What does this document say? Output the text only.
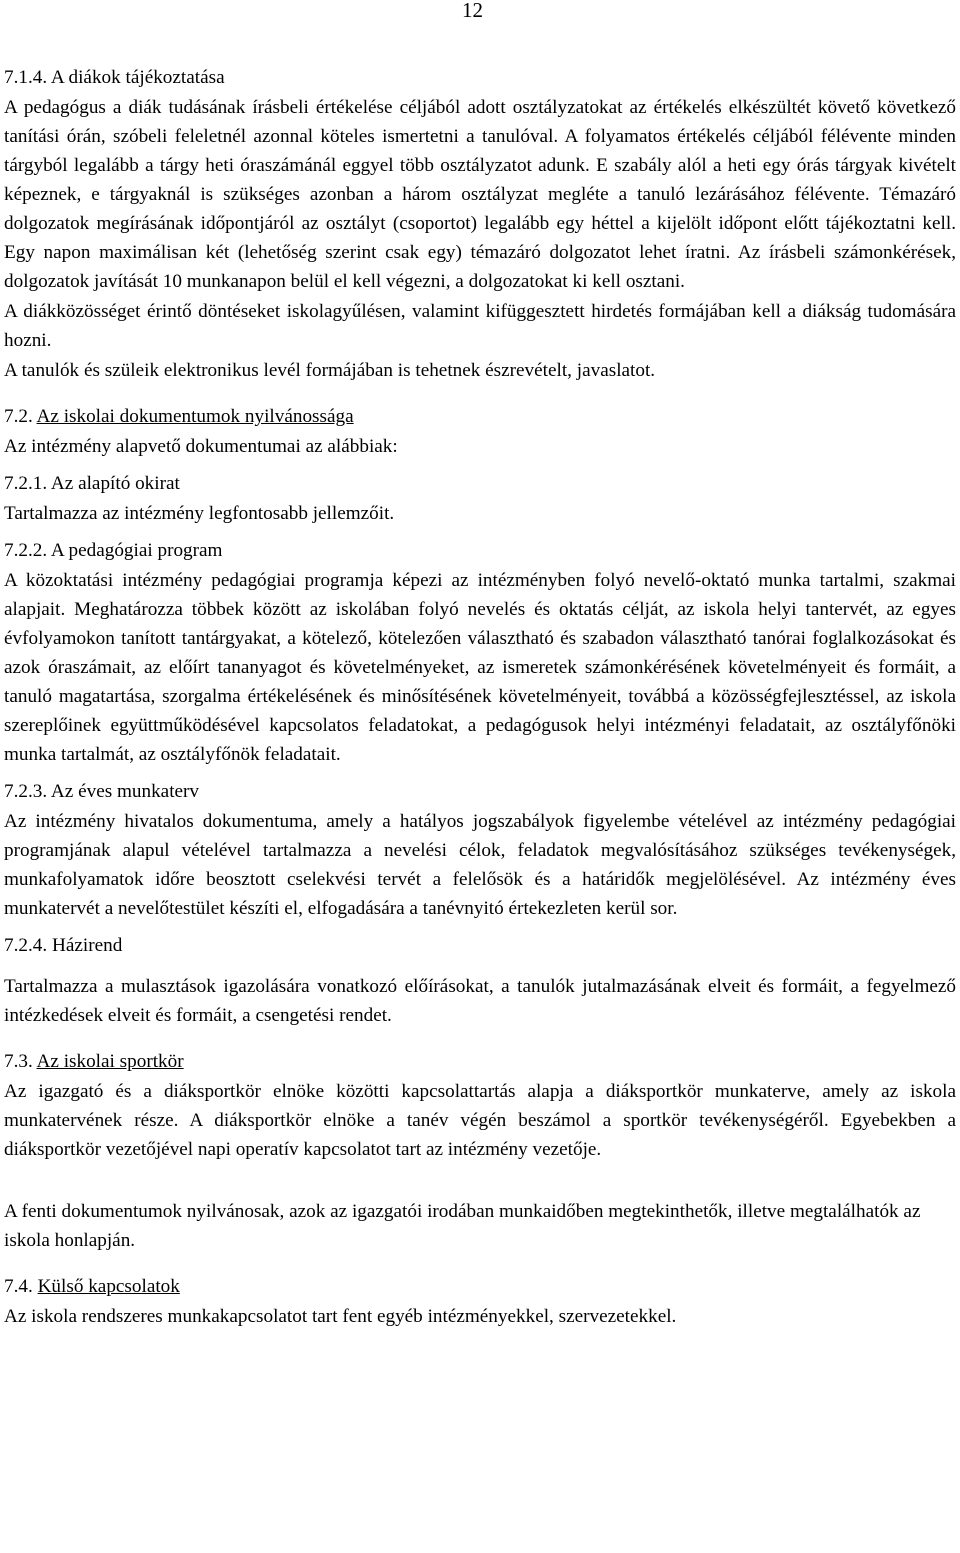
12

7.1.4. A diákok tájékoztatása

A pedagógus a diák tudásának írásbeli értékelése céljából adott osztályzatokat az értékelés elkészültét követő következő tanítási órán, szóbeli feleletnél azonnal köteles ismertetni a tanulóval. A folyamatos értékelés céljából félévente minden tárgyból legalább a tárgy heti óraszámánál eggyel több osztályzatot adunk. E szabály alól a heti egy órás tárgyak kivételt képeznek, e tárgyaknál is szükséges azonban a három osztályzat megléte a tanuló lezárásához félévente. Témazáró dolgozatok megírásának időpontjáról az osztályt (csoportot) legalább egy héttel a kijelölt időpont előtt tájékoztatni kell. Egy napon maximálisan két (lehetőség szerint csak egy) témazáró dolgozatot lehet íratni. Az írásbeli számonkérések, dolgozatok javítását 10 munkanapon belül el kell végezni, a dolgozatokat ki kell osztani.

A diákközösséget érintő döntéseket iskolagyűlésen, valamint kifüggesztett hirdetés formájában kell a diákság tudomására hozni.

A tanulók és szüleik elektronikus levél formájában is tehetnek észrevételt, javaslatot.

7.2. Az iskolai dokumentumok nyilvánossága

Az intézmény alapvető dokumentumai az alábbiak:

7.2.1. Az alapító okirat

Tartalmazza az intézmény legfontosabb jellemzőit.

7.2.2. A pedagógiai program

A közoktatási intézmény pedagógiai programja képezi az intézményben folyó nevelő-oktató munka tartalmi, szakmai alapjait. Meghatározza többek között az iskolában folyó nevelés és oktatás célját, az iskola helyi tantervét, az egyes évfolyamokon tanított tantárgyakat, a kötelező, kötelezően választható és szabadon választható tanórai foglalkozásokat és azok óraszámait, az előírt tananyagot és követelményeket, az ismeretek számonkérésének követelményeit és formáit, a tanuló magatartása, szorgalma értékelésének és minősítésének követelményeit, továbbá a közösségfejlesztéssel, az iskola szereplőinek együttműködésével kapcsolatos feladatokat, a pedagógusok helyi intézményi feladatait, az osztályfőnöki munka tartalmát, az osztályfőnök feladatait.

7.2.3. Az éves munkaterv

Az intézmény hivatalos dokumentuma, amely a hatályos jogszabályok figyelembe vételével az intézmény pedagógiai programjának alapul vételével tartalmazza a nevelési célok, feladatok megvalósításához szükséges tevékenységek, munkafolyamatok időre beosztott cselekvési tervét a felelősök és a határidők megjelölésével. Az intézmény éves munkatervét a nevelőtestület készíti el, elfogadására a tanévnyitó értekezleten kerül sor.

7.2.4. Házirend

Tartalmazza a mulasztások igazolására vonatkozó előírásokat, a tanulók jutalmazásának elveit és formáit, a fegyelmező intézkedések elveit és formáit, a csengetési rendet.

7.3. Az iskolai sportkör

Az igazgató és a diáksportkör elnöke közötti kapcsolattartás alapja a diáksportkör munkaterve, amely az iskola munkatervének része. A diáksportkör elnöke a tanév végén beszámol a sportkör tevékenységéről. Egyebekben a diáksportkör vezetőjével napi operatív kapcsolatot tart az intézmény vezetője.

A fenti dokumentumok nyilvánosak, azok az igazgatói irodában munkaidőben megtekinthetők, illetve megtalálhatók az iskola honlapján.

7.4. Külső kapcsolatok

Az iskola rendszeres munkakapcsolatot tart fent egyéb intézményekkel, szervezetekkel.
